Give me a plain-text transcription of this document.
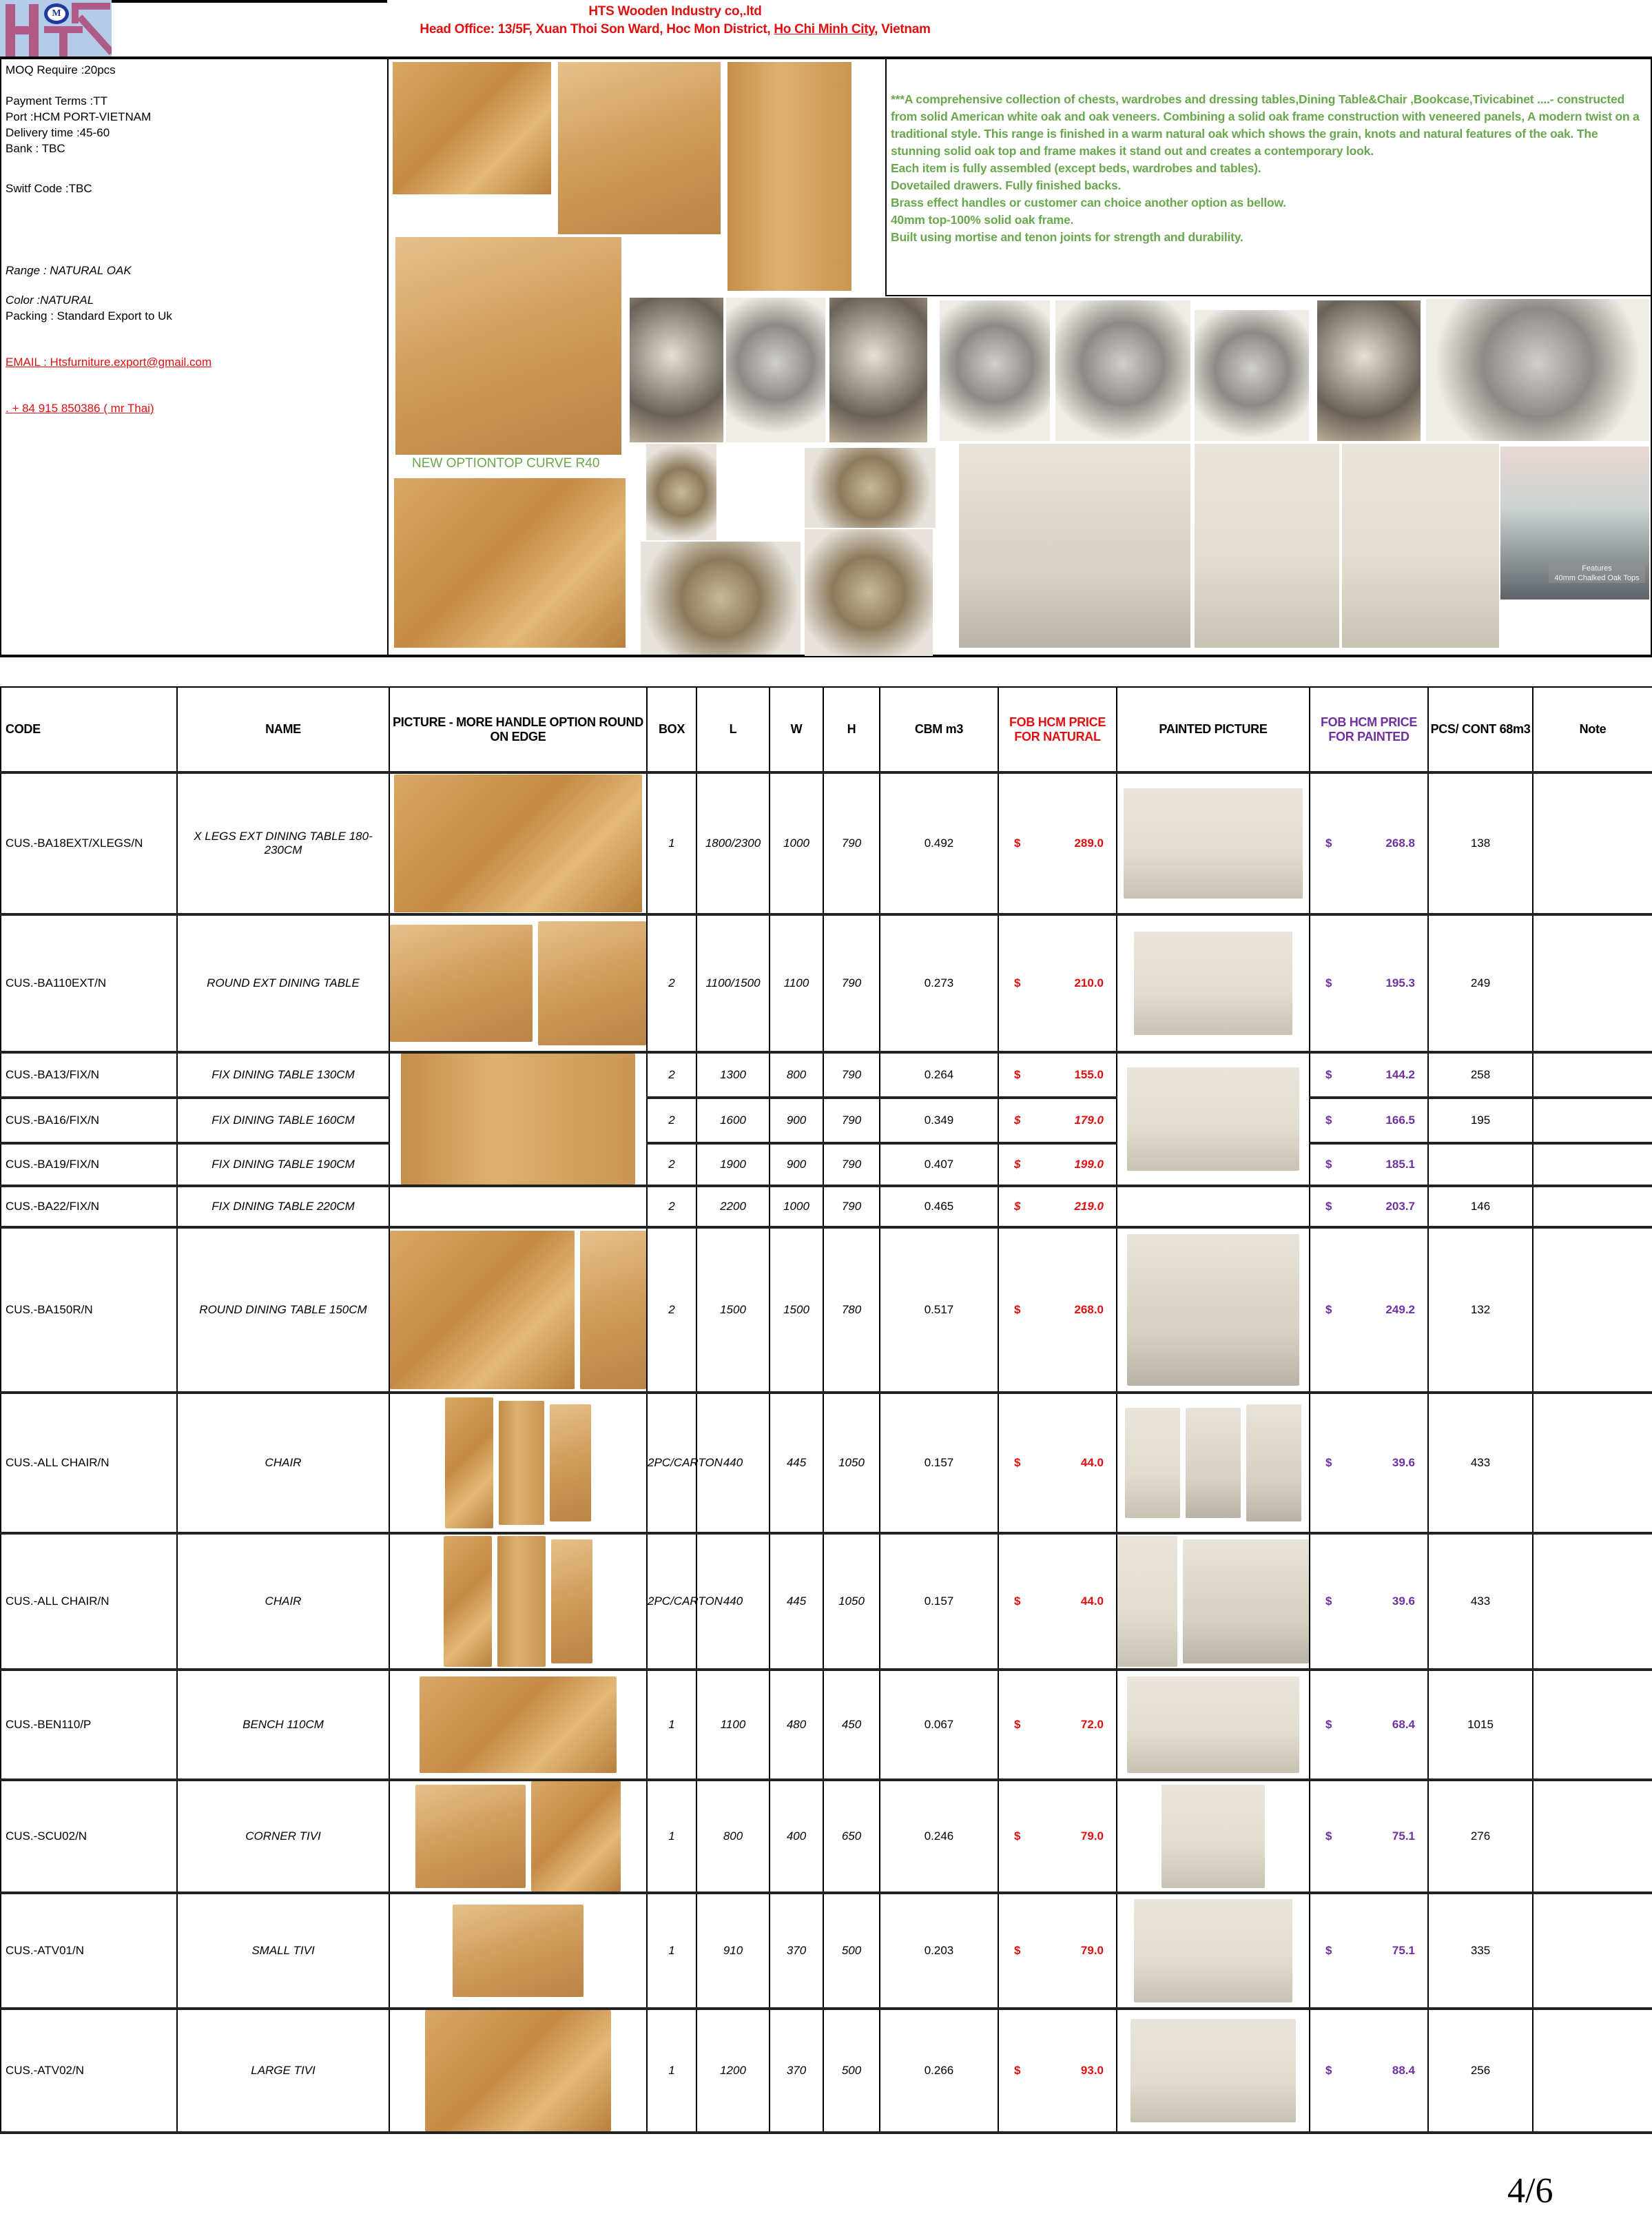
M	HTS Wooden Industry co,.ltd
Head Office: 13/5F, Xuan Thoi Son Ward, Hoc Mon District, Ho Chi Minh City, Vietnam
MOQ Require :20pcs
Payment Terms :TT
Port :HCM PORT-VIETNAM
Delivery time :45-60
Bank : TBC
Switf Code :TBC
Range : NATURAL OAK
Color :NATURAL
Packing : Standard Export to Uk
EMAIL : Htsfurniture.export@gmail.com
. + 84 915 850386 ( mr Thai)
NEW OPTIONTOP CURVE R40
Features
40mm Chalked Oak Tops
***A comprehensive collection of chests, wardrobes and dressing tables,Dining Table&Chair ,Bookcase,Tivicabinet ....- constructed from solid American white oak and oak veneers. Combining a solid oak frame construction with veneered panels, A modern twist on a traditional style. This range is finished in a warm natural oak which shows the grain, knots and natural features of the oak. The stunning solid oak top and frame makes it stand out and creates a contemporary look.
Each item is fully assembled (except beds, wardrobes and tables).
Dovetailed drawers. Fully finished backs.
Brass effect handles or customer can choice another option as bellow.
40mm top-100% solid oak frame.
Built using mortise and tenon joints for strength and durability.
CODE	NAME	PICTURE - MORE HANDLE OPTION ROUND ON EDGE	BOX	L	W	H	CBM m3	FOB HCM PRICE FOR NATURAL	PAINTED PICTURE	FOB HCM PRICE FOR PAINTED	PCS/ CONT 68m3	Note
CUS.-BA18EXT/XLEGS/N	X LEGS EXT DINING TABLE 180-230CM		1	1800/2300	1000	790	0.492	$ 289.0		$ 268.8	138	
CUS.-BA110EXT/N	ROUND EXT DINING TABLE		2	1100/1500	1100	790	0.273	$ 210.0		$ 195.3	249	
CUS.-BA13/FIX/N	FIX DINING TABLE 130CM		2	1300	800	790	0.264	$ 155.0		$ 144.2	258	
CUS.-BA16/FIX/N	FIX DINING TABLE 160CM		2	1600	900	790	0.349	$ 179.0		$ 166.5	195	
CUS.-BA19/FIX/N	FIX DINING TABLE 190CM		2	1900	900	790	0.407	$ 199.0		$ 185.1		

CUS.-BA22/FIX/N	FIX DINING TABLE 220CM		2	2200	1000	790	0.465	$ 219.0		$ 203.7	146	
CUS.-BA150R/N	ROUND DINING TABLE 150CM		2	1500	1500	780	0.517	$ 268.0		$ 249.2	132	
CUS.-ALL CHAIR/N	CHAIR		2PC/CARTON	440	445	1050	0.157	$ 44.0		$ 39.6	433	
CUS.-ALL CHAIR/N	CHAIR		2PC/CARTON	440	445	1050	0.157	$ 44.0		$ 39.6	433	
CUS.-BEN110/P	BENCH 110CM		1	1100	480	450	0.067	$ 72.0		$ 68.4	1015	
CUS.-SCU02/N	CORNER TIVI		1	800	400	650	0.246	$ 79.0		$ 75.1	276	
CUS.-ATV01/N	SMALL TIVI		1	910	370	500	0.203	$ 79.0		$ 75.1	335	
CUS.-ATV02/N	LARGE TIVI		1	1200	370	500	0.266	$ 93.0		$ 88.4	256	
4/6
